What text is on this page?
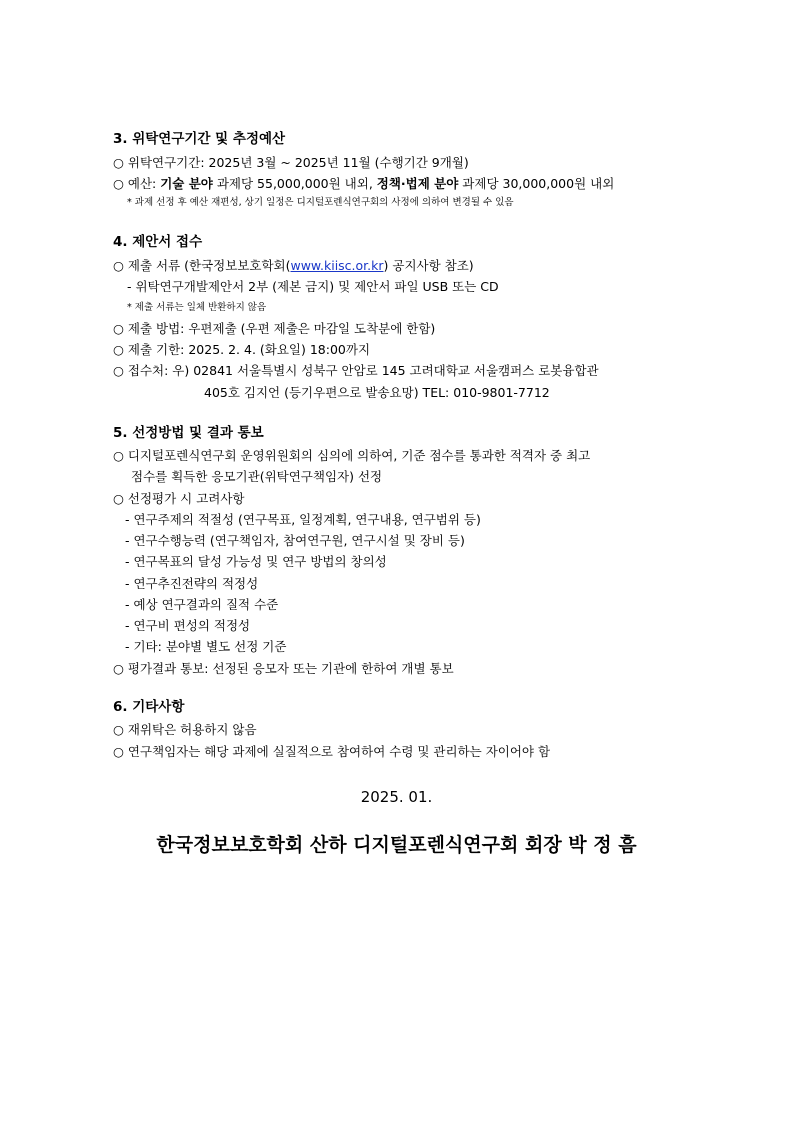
3. 위탁연구기간 및 추정예산
○ 위탁연구기간: 2025년 3월 ~ 2025년 11월 (수행기간 9개월)
○ 예산: 기술 분야 과제당 55,000,000원 내외, 정책·법제 분야 과제당 30,000,000원 내외
* 과제 선정 후 예산 재편성, 상기 일정은 디지털포렌식연구회의 사정에 의하여 변경될 수 있음
4. 제안서 접수
○ 제출 서류 (한국정보보호학회(www.kiisc.or.kr) 공지사항 참조)
- 위탁연구개발제안서 2부 (제본 금지) 및 제안서 파일 USB 또는 CD
* 제출 서류는 일체 반환하지 않음
○ 제출 방법: 우편제출 (우편 제출은 마감일 도착분에 한함)
○ 제출 기한: 2025. 2. 4. (화요일) 18:00까지
○ 접수처: 우) 02841 서울특별시 성북구 안암로 145 고려대학교 서울캠퍼스 로봇융합관
405호 김지언 (등기우편으로 발송요망) TEL: 010-9801-7712
5. 선정방법 및 결과 통보
○ 디지털포렌식연구회 운영위원회의 심의에 의하여, 기준 점수를 통과한 적격자 중 최고
점수를 획득한 응모기관(위탁연구책임자) 선정
○ 선정평가 시 고려사항
- 연구주제의 적절성 (연구목표, 일정계획, 연구내용, 연구범위 등)
- 연구수행능력 (연구책임자, 참여연구원, 연구시설 및 장비 등)
- 연구목표의 달성 가능성 및 연구 방법의 창의성
- 연구추진전략의 적정성
- 예상 연구결과의 질적 수준
- 연구비 편성의 적정성
- 기타: 분야별 별도 선정 기준
○ 평가결과 통보: 선정된 응모자 또는 기관에 한하여 개별 통보
6. 기타사항
○ 재위탁은 허용하지 않음
○ 연구책임자는 해당 과제에 실질적으로 참여하여 수령 및 관리하는 자이어야 함
2025. 01.
한국정보보호학회 산하 디지털포렌식연구회 회장 박 정 흠
